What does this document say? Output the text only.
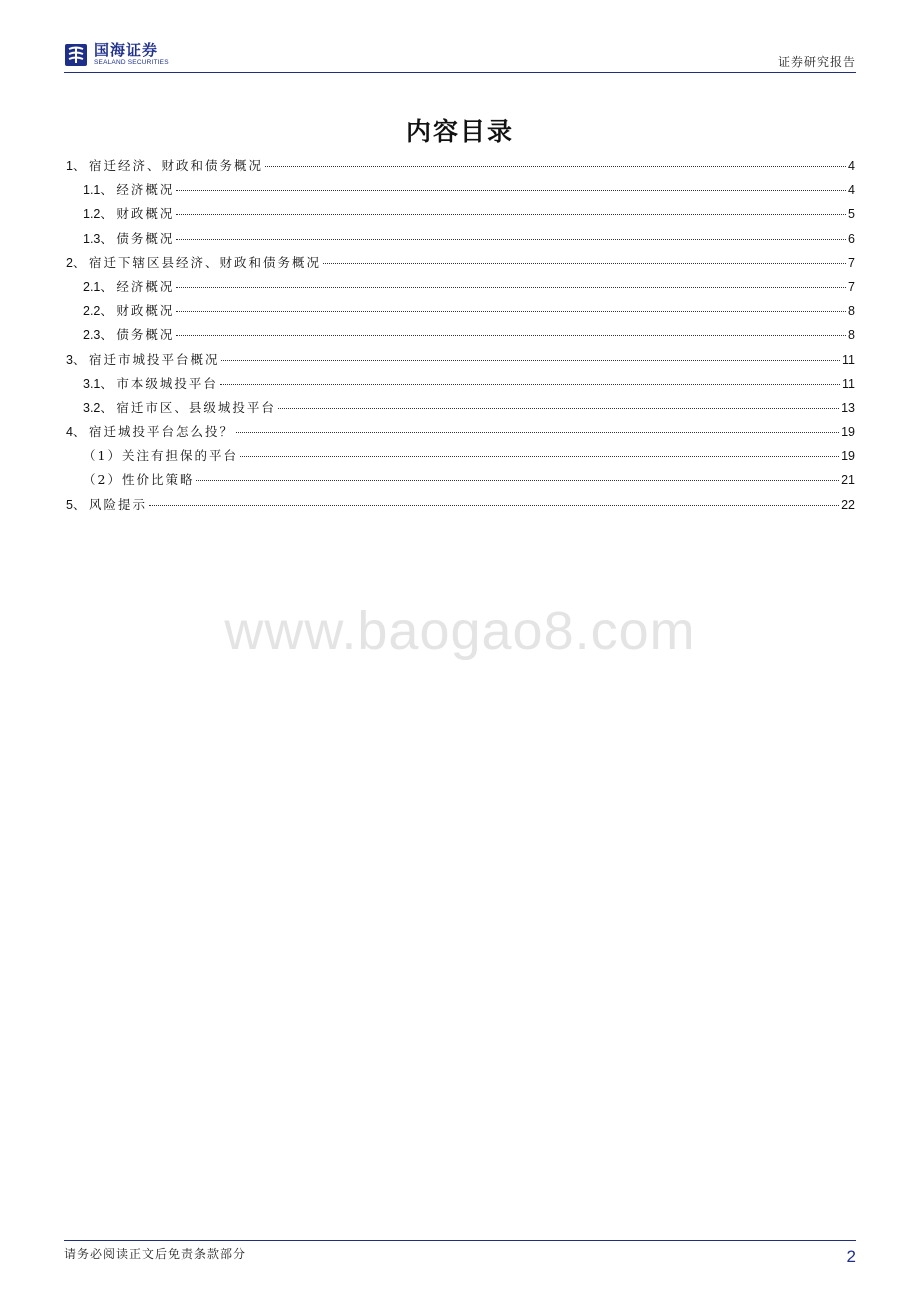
国海证券
SEALAND SECURITIES	证券研究报告
内容目录
1、 宿迁经济、财政和债务概况	4
1.1、 经济概况	4
1.2、 财政概况	5
1.3、 债务概况	6
2、 宿迁下辖区县经济、财政和债务概况	7
2.1、 经济概况	7
2.2、 财政概况	8
2.3、 债务概况	8
3、 宿迁市城投平台概况	11
3.1、 市本级城投平台	11
3.2、 宿迁市区、县级城投平台	13
4、 宿迁城投平台怎么投？	19
（1）关注有担保的平台	19
（2）性价比策略	21
5、 风险提示	22
www.baogao8.com
请务必阅读正文后免责条款部分	2
